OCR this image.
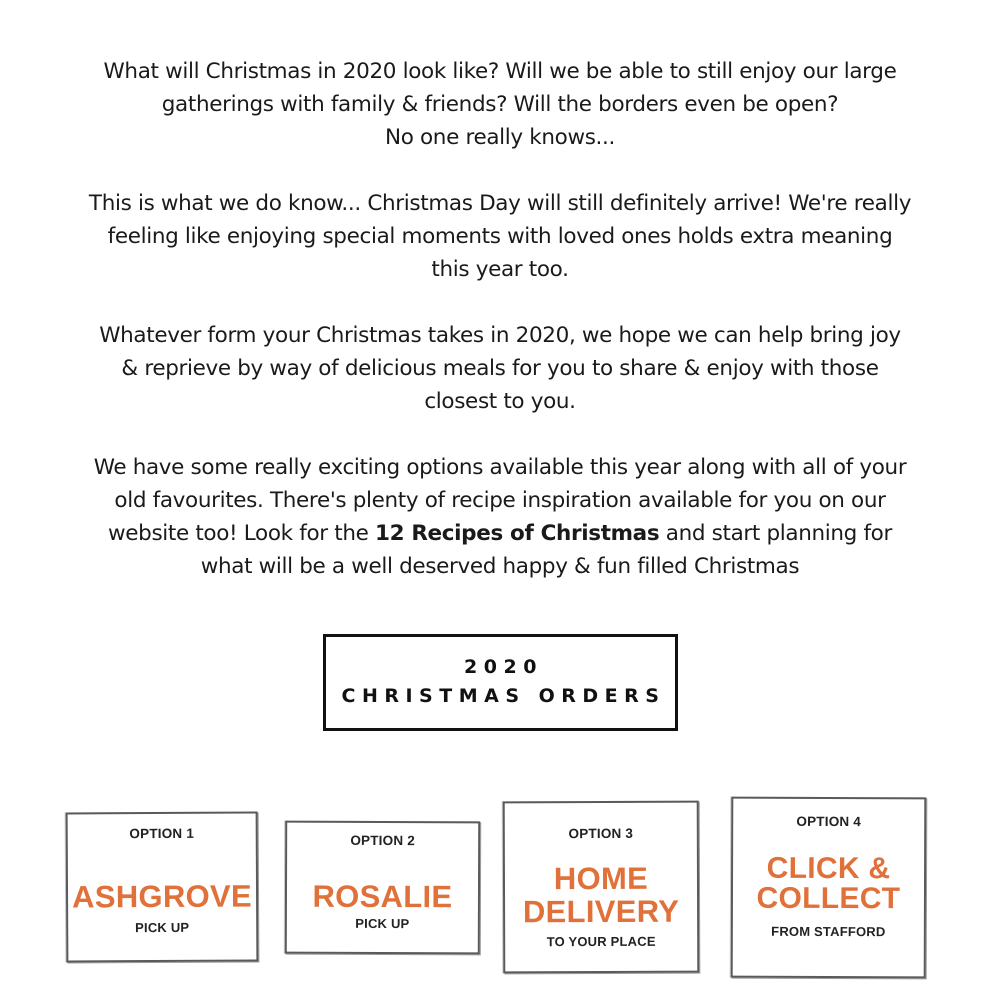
What will Christmas in 2020 look like? Will we be able to still enjoy our large
gatherings with family & friends? Will the borders even be open?
No one really knows...

This is what we do know... Christmas Day will still definitely arrive! We're really
feeling like enjoying special moments with loved ones holds extra meaning
this year too.

Whatever form your Christmas takes in 2020, we hope we can help bring joy
& reprieve by way of delicious meals for you to share & enjoy with those
closest to you.

We have some really exciting options available this year along with all of your
old favourites. There's plenty of recipe inspiration available for you on our
website too! Look for the 12 Recipes of Christmas and start planning for
what will be a well deserved happy & fun filled Christmas

2020
CHRISTMAS ORDERS
OPTION 1
ASHGROVE
PICK UP
OPTION 2
ROSALIE
PICK UP
OPTION 3
HOME
DELIVERY
TO YOUR PLACE
OPTION 4
CLICK &
COLLECT
FROM STAFFORD
